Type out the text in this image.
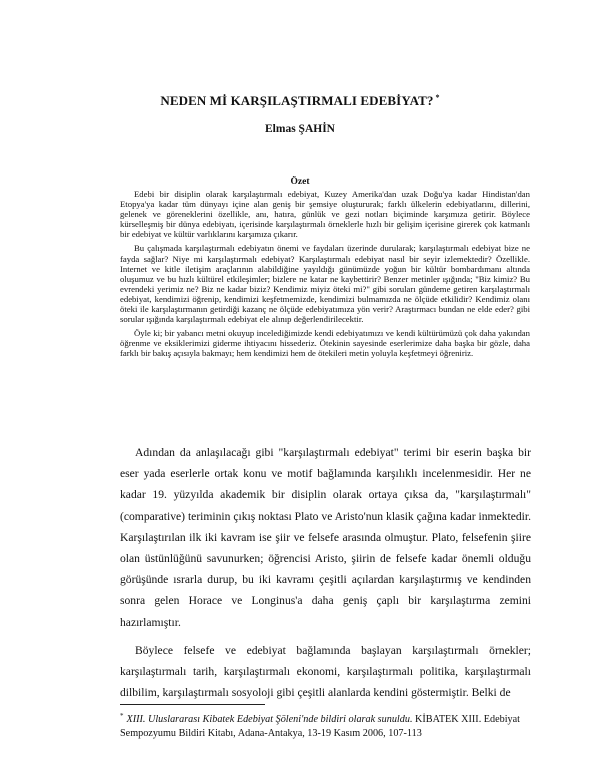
NEDEN Mİ KARŞILAŞTIRMALI EDEBİYAT? *
Elmas ŞAHİN
Özet

Edebi bir disiplin olarak karşılaştırmalı edebiyat, Kuzey Amerika'dan uzak Doğu'ya kadar Hindistan'dan Etopya'ya kadar tüm dünyayı içine alan geniş bir şemsiye oluştururak; farklı ülkelerin edebiyatlarını, dillerini, gelenek ve göreneklerini özellikle, anı, hatıra, günlük ve gezi notları biçiminde karşımıza getirir. Böylece kürselleşmiş bir dünya edebiyatı, içerisinde karşılaştırmalı örneklerle hızlı bir gelişim içerisine girerek çok katmanlı bir edebiyat ve kültür varlıklarını karşımıza çıkarır.

Bu çalışmada karşılaştırmalı edebiyatın önemi ve faydaları üzerinde durularak; karşılaştırmalı edebiyat bize ne fayda sağlar? Niye mi karşılaştırmalı edebiyat? Karşılaştırmalı edebiyat nasıl bir seyir izlemektedir? Özellikle. Internet ve kitle iletişim araçlarının alabildiğine yayıldığı günümüzde yoğun bir kültür bombardımanı altında oluşumuz ve bu hızlı kültürel etkileşimler; bizlere ne katar ne kaybettirir? Benzer metinler ışığında; "Biz kimiz? Bu evrendeki yerimiz ne? Biz ne kadar biziz? Kendimiz miyiz öteki mi?" gibi soruları gündeme getiren karşılaştırmalı edebiyat, kendimizi öğrenip, kendimizi keşfetmemizde, kendimizi bulmamızda ne ölçüde etkilidir? Kendimiz olanı öteki ile karşılaştırmanın getirdiği kazanç ne ölçüde edebiyatımıza yön verir? Araştırmacı bundan ne elde eder? gibi sorular ışığında karşılaştırmalı edebiyat ele alınıp değerlendirilecektir.

Öyle ki; bir yabancı metni okuyup incelediğimizde kendi edebiyatımızı ve kendi kültürümüzü çok daha yakından öğrenme ve eksiklerimizi giderme ihtiyacını hissederiz. Ötekinin sayesinde eserlerimize daha başka bir gözle, daha farklı bir bakış açısıyla bakmayı; hem kendimizi hem de ötekileri metin yoluyla keşfetmeyi öğreniriz.

Adından da anlaşılacağı gibi "karşılaştırmalı edebiyat" terimi bir eserin başka bir eser yada eserlerle ortak konu ve motif bağlamında karşılıklı incelenmesidir. Her ne kadar 19. yüzyılda akademik bir disiplin olarak ortaya çıksa da, "karşılaştırmalı" (comparative) teriminin çıkış noktası Plato ve Aristo'nun klasik çağına kadar inmektedir. Karşılaştırılan ilk iki kavram ise şiir ve felsefe arasında olmuştur. Plato, felsefenin şiire olan üstünlüğünü savunurken; öğrencisi Aristo, şiirin de felsefe kadar önemli olduğu görüşünde ısrarla durup, bu iki kavramı çeşitli açılardan karşılaştırmış ve kendinden sonra gelen Horace ve Longinus'a daha geniş çaplı bir karşılaştırma zemini hazırlamıştır.

Böylece felsefe ve edebiyat bağlamında başlayan karşılaştırmalı örnekler; karşılaştırmalı tarih, karşılaştırmalı ekonomi, karşılaştırmalı politika, karşılaştırmalı dilbilim, karşılaştırmalı sosyoloji gibi çeşitli alanlarda kendini göstermiştir. Belki de

* XIII. Uluslararası Kibatek Edebiyat Şöleni'nde bildiri olarak sunuldu. KİBATEK XIII. Edebiyat Sempozyumu Bildiri Kitabı, Adana-Antakya, 13-19 Kasım 2006, 107-113
